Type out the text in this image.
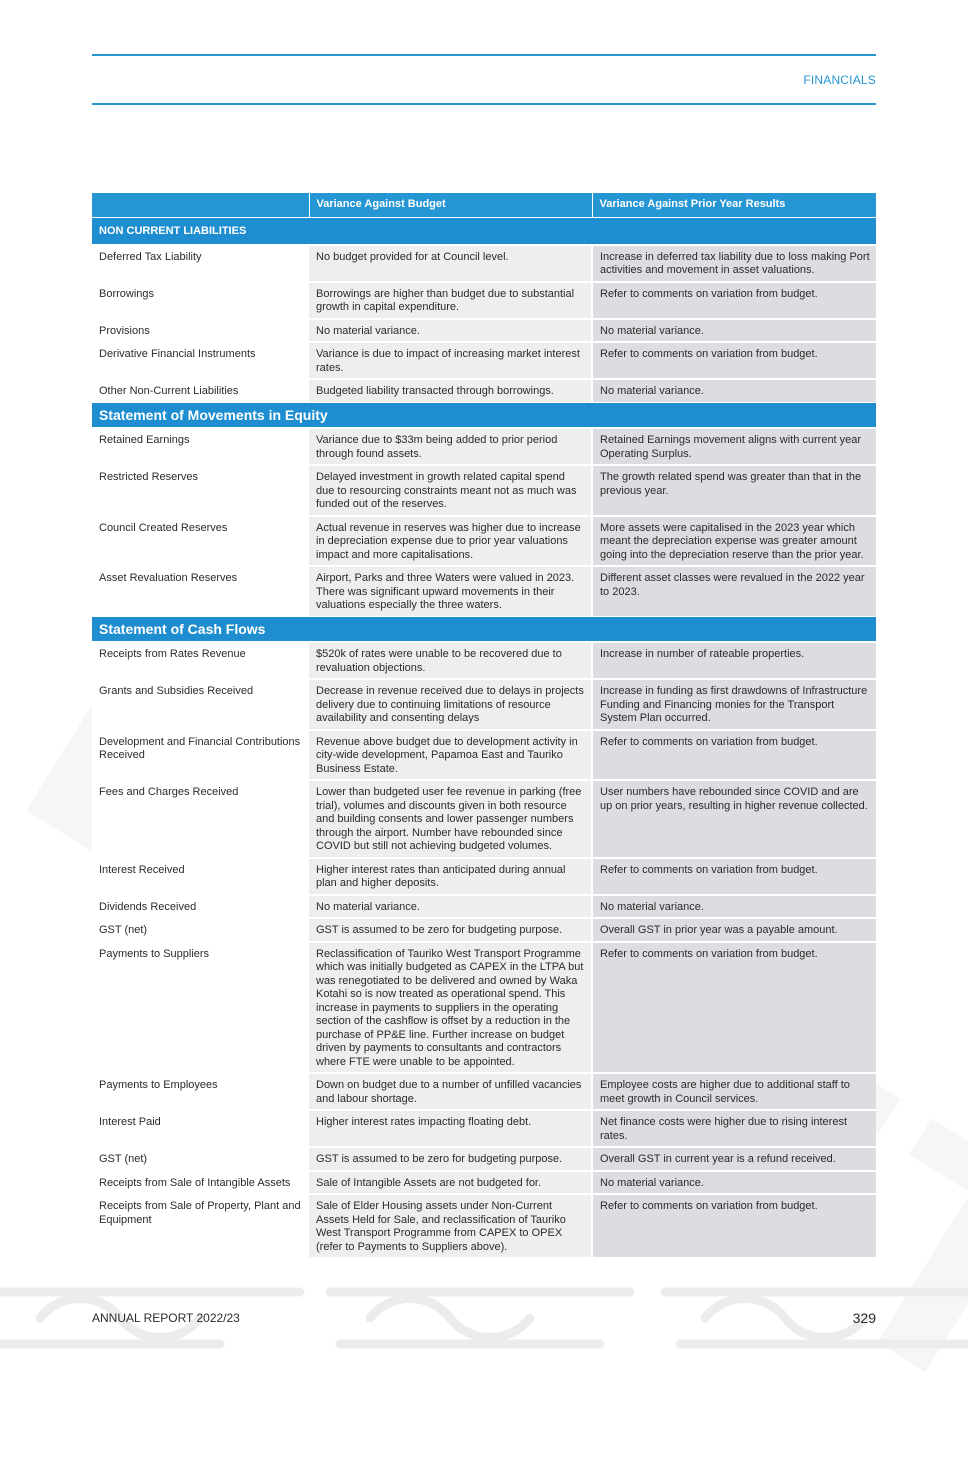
FINANCIALS
	Variance Against Budget	Variance Against Prior Year Results
NON CURRENT LIABILITIES		
Deferred Tax Liability	No budget provided for at Council level.	Increase in deferred tax liability due to loss making Port activities and movement in asset valuations.
Borrowings	Borrowings are higher than budget due to substantial growth in capital expenditure.	Refer to comments on variation from budget.
Provisions	No material variance.	No material variance.
Derivative Financial Instruments	Variance is due to impact of increasing market interest rates.	Refer to comments on variation from budget.
Other Non-Current Liabilities	Budgeted liability transacted through borrowings.	No material variance.
Statement of Movements in Equity		
Retained Earnings	Variance due to $33m being added to prior period through found assets.	Retained Earnings movement aligns with current year Operating Surplus.
Restricted Reserves	Delayed investment in growth related capital spend due to resourcing constraints meant not as much was funded out of the reserves.	The growth related spend was greater than that in the previous year.
Council Created Reserves	Actual revenue in reserves was higher due to increase in depreciation expense due to prior year valuations impact and more capitalisations.	More assets were capitalised in the 2023 year which meant the depreciation expense was greater amount going into the depreciation reserve than the prior year.
Asset Revaluation Reserves	Airport, Parks and three Waters were valued in 2023. There was significant upward movements in their valuations especially the three waters.	Different asset classes were revalued in the 2022 year to 2023.
Statement of Cash Flows		
Receipts from Rates Revenue	$520k of rates were unable to be recovered due to revaluation objections.	Increase in number of rateable properties.
Grants and Subsidies Received	Decrease in revenue received due to delays in projects delivery due to continuing limitations of resource availability and consenting delays	Increase in funding as first drawdowns of Infrastructure Funding and Financing monies for the Transport System Plan occurred.
Development and Financial Contributions Received	Revenue above budget due to development activity in city-wide development, Papamoa East and Tauriko Business Estate.	Refer to comments on variation from budget.
Fees and Charges Received	Lower than budgeted user fee revenue in parking (free trial), volumes and discounts given in both resource and building consents and lower passenger numbers through the airport. Number have rebounded since COVID but still not achieving budgeted volumes.	User numbers have rebounded since COVID and are up on prior years, resulting in higher revenue collected.
Interest Received	Higher interest rates than anticipated during annual plan and higher deposits.	Refer to comments on variation from budget.
Dividends Received	No material variance.	No material variance.
GST (net)	GST is assumed to be zero for budgeting purpose.	Overall GST in prior year was a payable amount.
Payments to Suppliers	Reclassification of Tauriko West Transport Programme which was initially budgeted as CAPEX in the LTPA but was renegotiated to be delivered and owned by Waka Kotahi so is now treated as operational spend. This increase in payments to suppliers in the operating section of the cashflow is offset by a reduction in the purchase of PP&E line. Further increase on budget driven by payments to consultants and contractors where FTE were unable to be appointed.	Refer to comments on variation from budget.
Payments to Employees	Down on budget due to a number of unfilled vacancies and labour shortage.	Employee costs are higher due to additional staff to meet growth in Council services.
Interest Paid	Higher interest rates impacting floating debt.	Net finance costs were higher due to rising interest rates.
GST (net)	GST is assumed to be zero for budgeting purpose.	Overall GST in current year is a refund received.
Receipts from Sale of Intangible Assets	Sale of Intangible Assets are not budgeted for.	No material variance.
Receipts from Sale of Property, Plant and Equipment	Sale of Elder Housing assets under Non-Current Assets Held for Sale, and reclassification of Tauriko West Transport Programme from CAPEX to OPEX (refer to Payments to Suppliers above).	Refer to comments on variation from budget.
ANNUAL REPORT 2022/23	329
